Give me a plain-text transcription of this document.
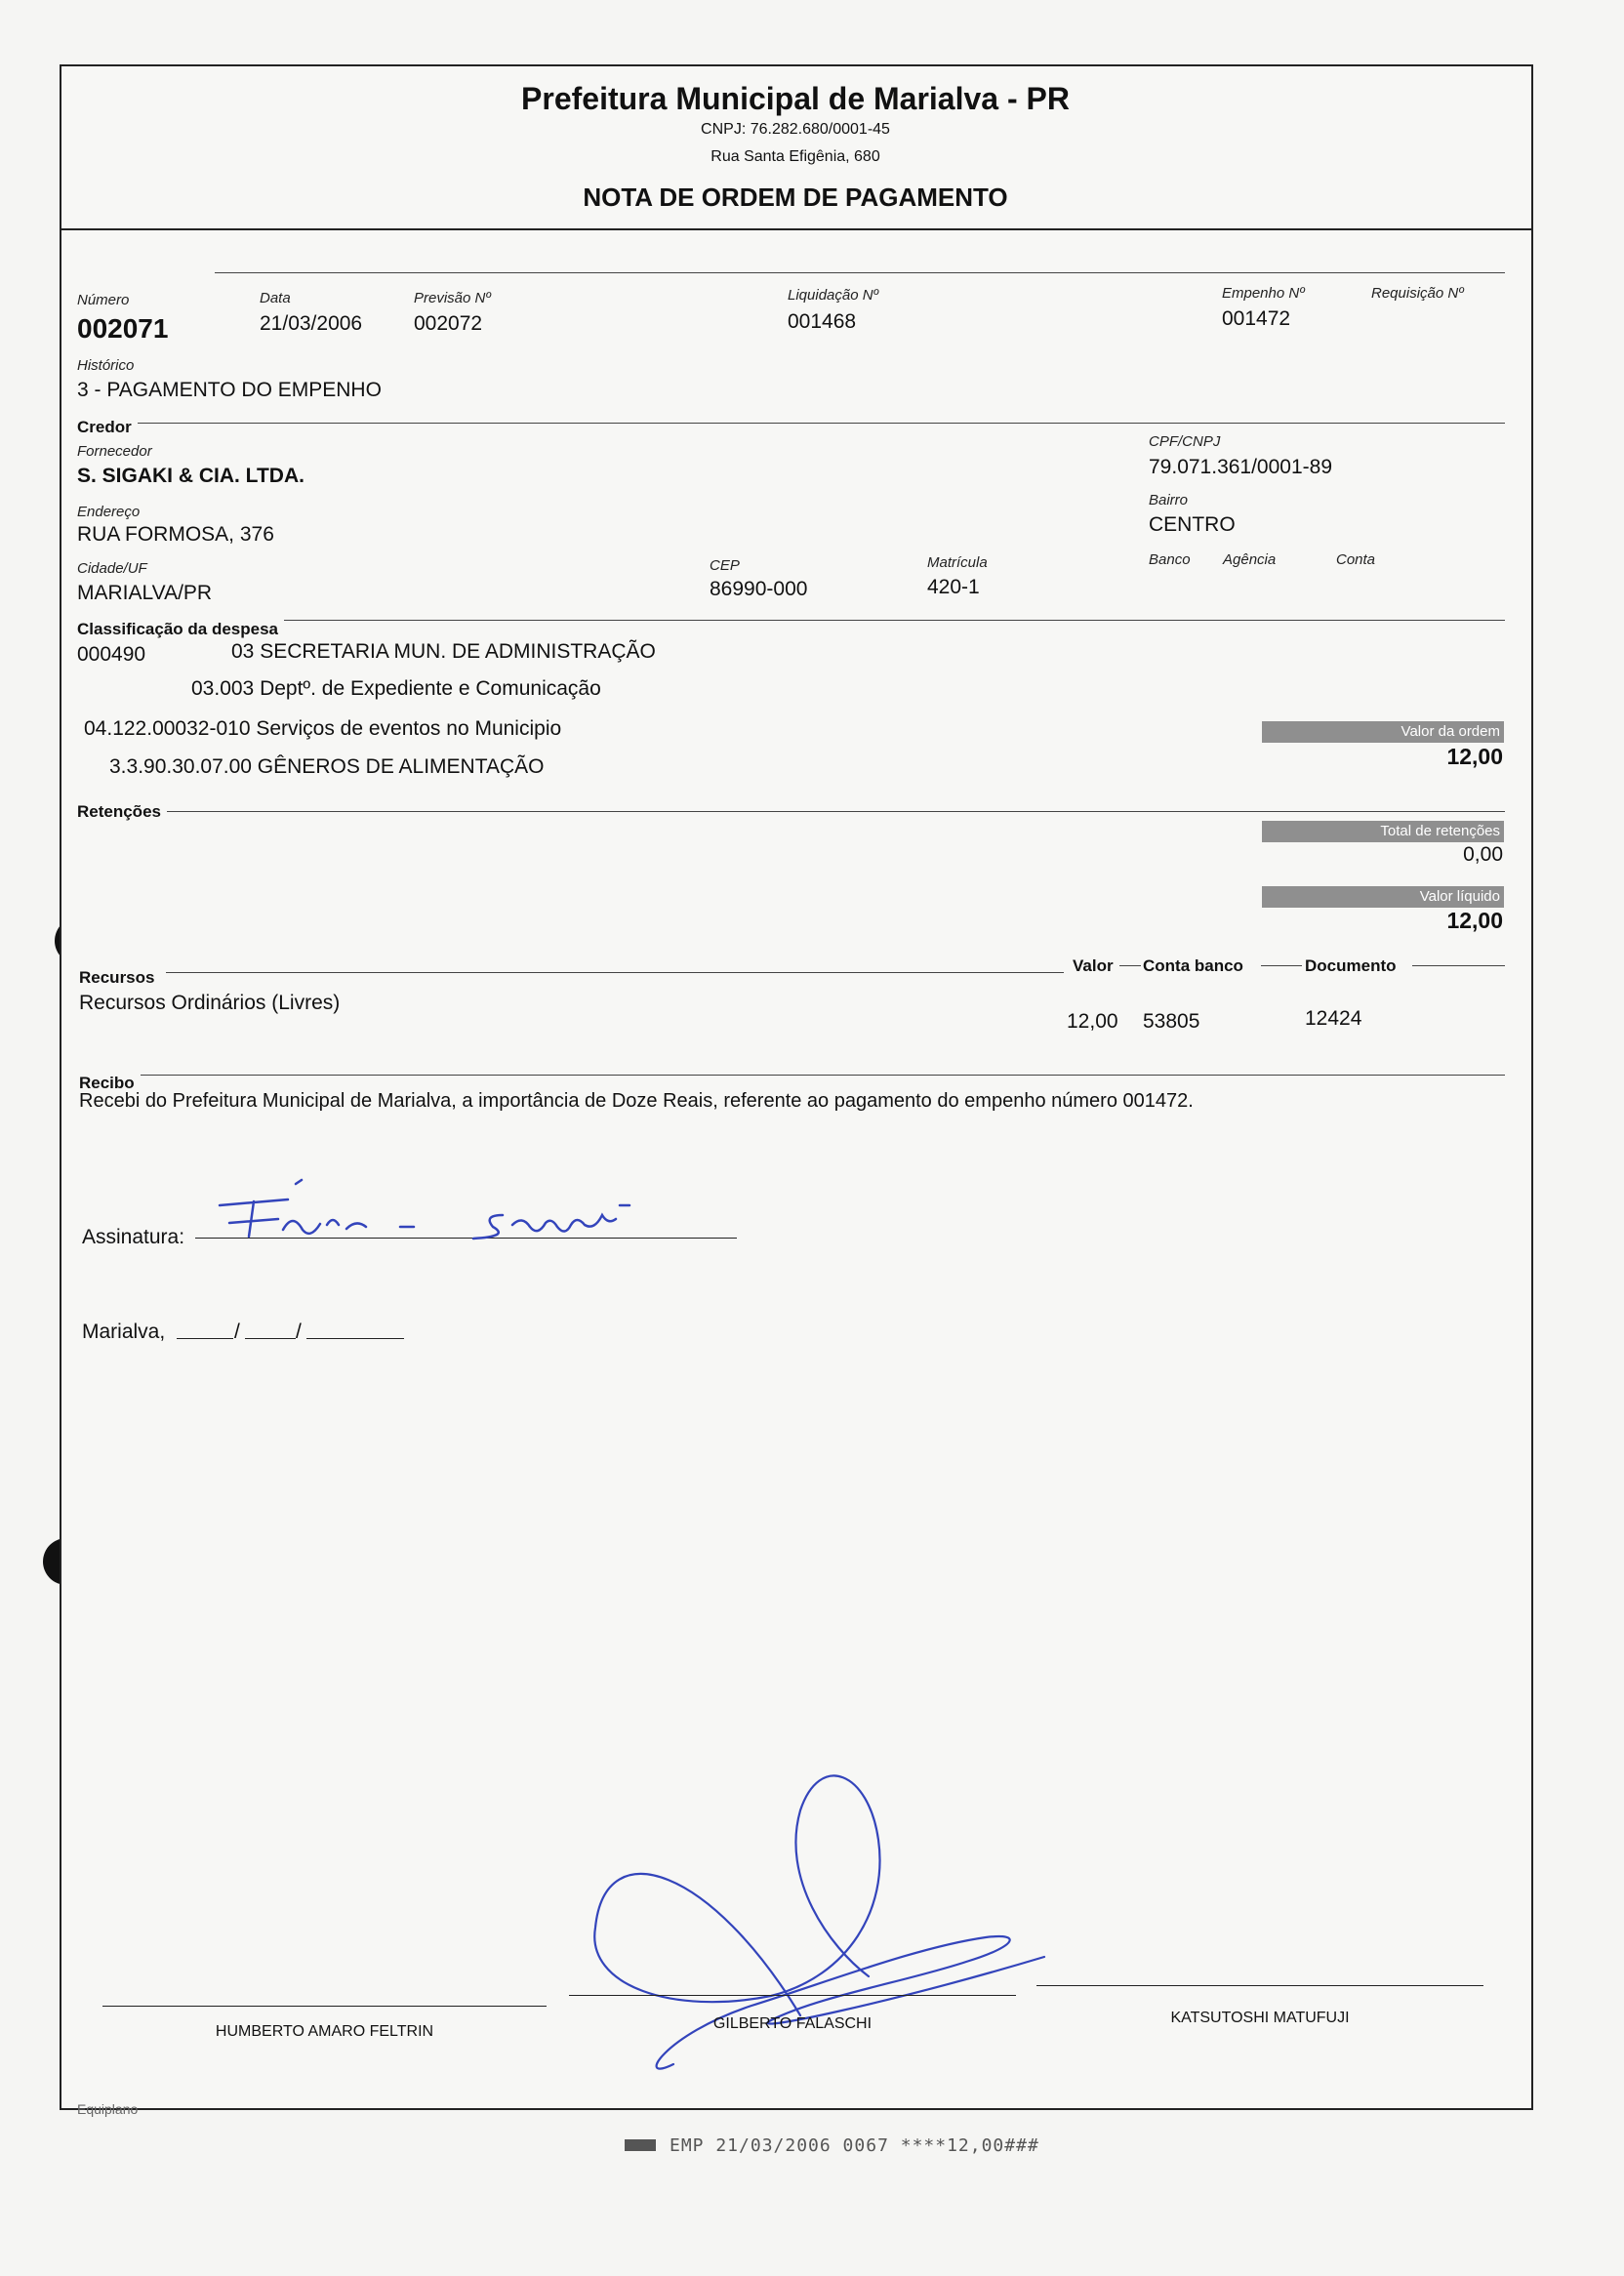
Prefeitura Municipal de Marialva - PR
CNPJ: 76.282.680/0001-45
Rua Santa Efigênia, 680
NOTA DE ORDEM DE PAGAMENTO
Número
002071
Data
21/03/2006
Previsão Nº
002072
Liquidação Nº
001468
Empenho Nº
001472
Requisição Nº
Histórico
3 - PAGAMENTO DO EMPENHO
Credor
Fornecedor
S. SIGAKI & CIA. LTDA.
CPF/CNPJ
79.071.361/0001-89
Endereço
RUA FORMOSA, 376
Bairro
CENTRO
Cidade/UF
MARIALVA/PR
CEP
86990-000
Matrícula
420-1
Banco Agência	Conta
Classificação da despesa
000490	03 SECRETARIA MUN. DE ADMINISTRAÇÃO
03.003 Deptº. de Expediente e Comunicação
04.122.00032-010 Serviços de eventos no Municipio
3.3.90.30.07.00 GÊNEROS DE ALIMENTAÇÃO
Valor da ordem
12,00
Retenções
Total de retenções
0,00
Valor líquido
12,00
Recursos
Valor Conta banco	Documento
Recursos Ordinários (Livres)
12,00 53805	12424
Recibo
Recebi do Prefeitura Municipal de Marialva, a importância de Doze Reais, referente ao pagamento do empenho número 001472.
Assinatura:
Marialva,	/	/
HUMBERTO AMARO FELTRIN	GILBERTO FALASCHI	KATSUTOSHI MATUFUJI
Equiplano
EMP 21/03/2006 0067 ****12,00###
